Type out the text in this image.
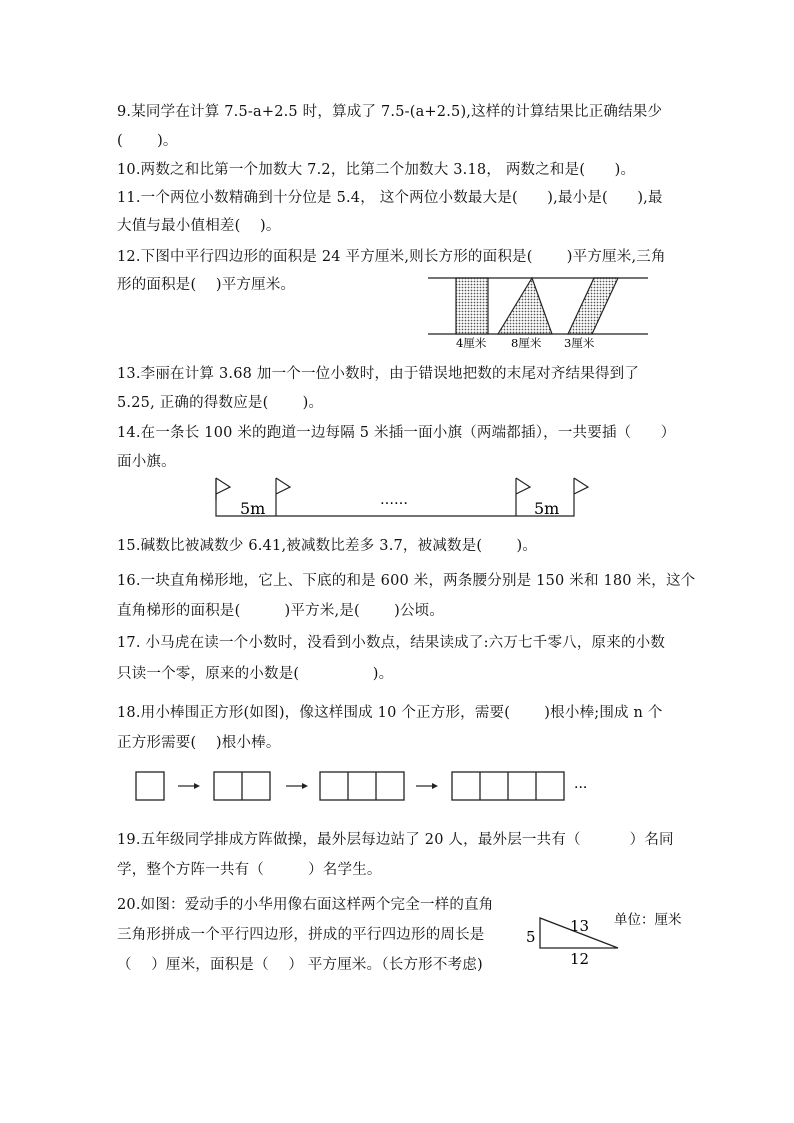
9.某同学在计算 7.5-a+2.5 时，算成了 7.5-(a+2.5),这样的计算结果比正确结果少
(　　 )。
10.两数之和比第一个加数大 7.2，比第二个加数大 3.18， 两数之和是(　　)。
11.一个两位小数精确到十分位是 5.4， 这个两位小数最大是(　　),最小是(　　),最
大值与最小值相差(　 )。
12.下图中平行四边形的面积是 24 平方厘米,则长方形的面积是(　　 )平方厘米,三角
形的面积是(　 )平方厘米。
4厘米 8厘米 3厘米
13.李丽在计算 3.68 加一个一位小数时，由于错误地把数的末尾对齐结果得到了
5.25, 正确的得数应是(　　 )。
14.在一条长 100 米的跑道一边每隔 5 米插一面小旗（两端都插），一共要插（　　）
面小旗。
5m	……	5m
15.碱数比被减数少 6.41,被减数比差多 3.7，被减数是(　　 )。
16.一块直角梯形地，它上、下底的和是 600 米，两条腰分别是 150 米和 180 米，这个
直角梯形的面积是(　　　)平方米,是(　　 )公顷。
17. 小马虎在读一个小数时，没看到小数点，结果读成了:六万七千零八，原来的小数
只读一个零，原来的小数是(　　　　　)。
18.用小棒围正方形(如图)，像这样围成 10 个正方形，需要(　　 )根小棒;围成 n 个
正方形需要(　 )根小棒。
···
19.五年级同学排成方阵做操，最外层每边站了 20 人，最外层一共有（　　　 ）名同
学，整个方阵一共有（　　　）名学生。
20.如图：爱动手的小华用像右面这样两个完全一样的直角
三角形拼成一个平行四边形，拼成的平行四边形的周长是
（　 ）厘米，面积是（　 ） 平方厘米。（长方形不考虑)
5
13
12
单位：厘米
